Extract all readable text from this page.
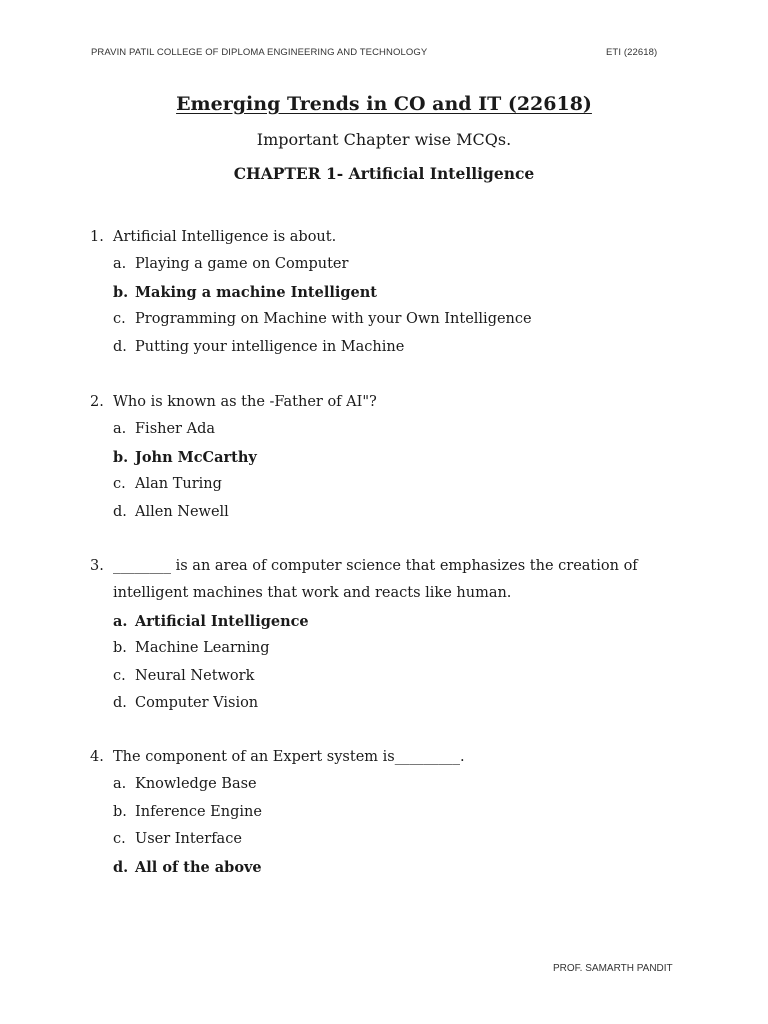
PRAVIN PATIL COLLEGE OF DIPLOMA ENGINEERING AND TECHNOLOGY	ETI (22618)
Emerging Trends in CO and IT (22618)
Important Chapter wise MCQs.
CHAPTER 1- Artificial Intelligence
1. Artificial Intelligence is about.
a. Playing a game on Computer
b. Making a machine Intelligent
c. Programming on Machine with your Own Intelligence
d. Putting your intelligence in Machine
2. Who is known as the -Father of AI"?
a. Fisher Ada
b. John McCarthy
c. Alan Turing
d. Allen Newell
3. ________ is an area of computer science that emphasizes the creation of
intelligent machines that work and reacts like human.
a. Artificial Intelligence
b. Machine Learning
c. Neural Network
d. Computer Vision
4. The component of an Expert system is_________.
a. Knowledge Base
b. Inference Engine
c. User Interface
d. All of the above
PROF. SAMARTH PANDIT
